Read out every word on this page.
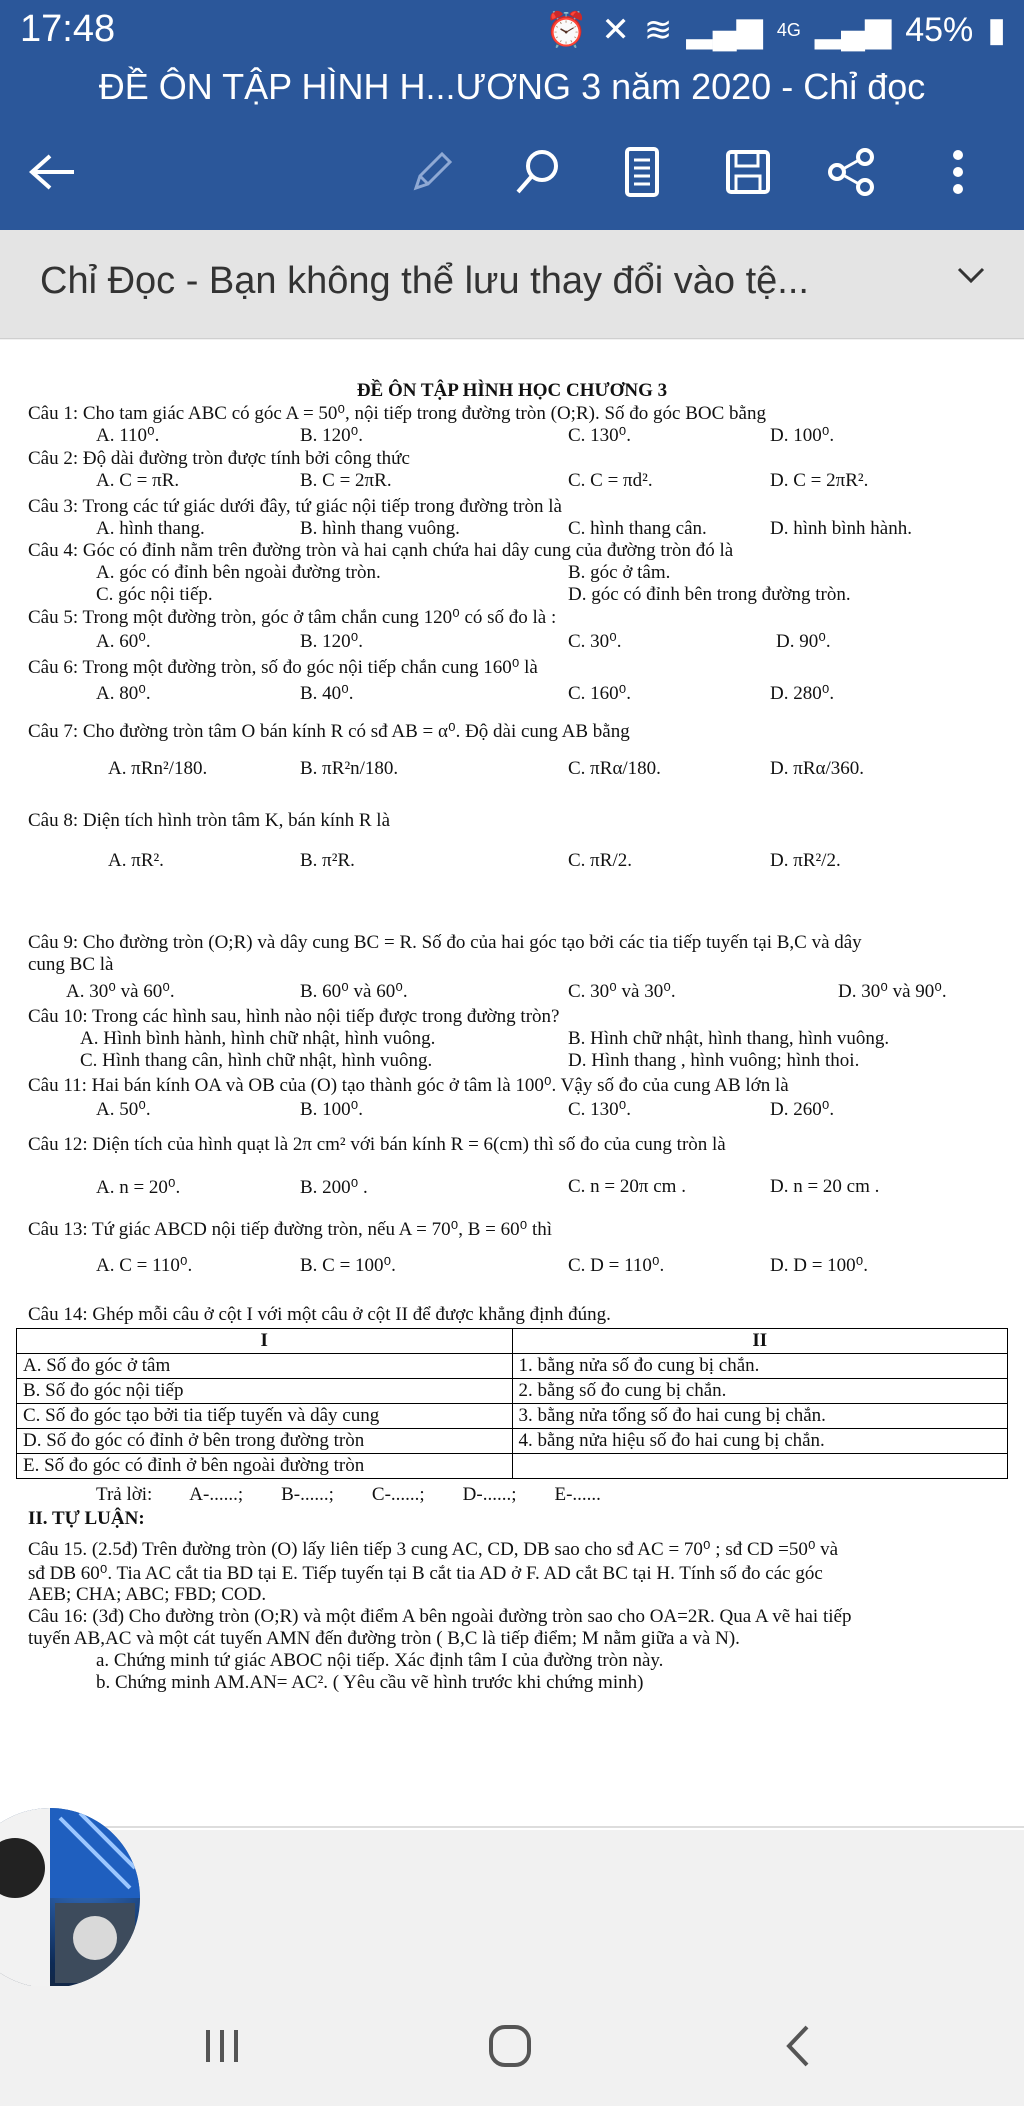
17:48	⏰ ✕ ≋ ▂▄▆ 4G ▂▄▆ 45% ▮
ĐỀ ÔN TẬP HÌNH H...ƯƠNG 3 năm 2020 - Chỉ đọc
Chỉ Đọc - Bạn không thể lưu thay đổi vào tệ...
ĐỀ ÔN TẬP HÌNH HỌC CHƯƠNG 3
Câu 1: Cho tam giác ABC có góc A = 50⁰, nội tiếp trong đường tròn (O;R). Số đo góc BOC bằng
A. 110⁰.	B. 120⁰.	C. 130⁰.	D. 100⁰.
Câu 2: Độ dài đường tròn được tính bởi công thức
A. C = πR.	B. C = 2πR.	C. C = πd².	D. C = 2πR².
Câu 3: Trong các tứ giác dưới đây, tứ giác nội tiếp trong đường tròn là
A. hình thang.	B. hình thang vuông.	C. hình thang cân.	D. hình bình hành.
Câu 4: Góc có đỉnh nằm trên đường tròn và hai cạnh chứa hai dây cung của đường tròn đó là
A. góc có đỉnh bên ngoài đường tròn.	B. góc ở tâm.
C. góc nội tiếp.	D. góc có đỉnh bên trong đường tròn.
Câu 5: Trong một đường tròn, góc ở tâm chắn cung 120⁰ có số đo là :
A. 60⁰.	B. 120⁰.	C. 30⁰.	D. 90⁰.
Câu 6: Trong một đường tròn, số đo góc nội tiếp chắn cung 160⁰ là
A. 80⁰.	B. 40⁰.	C. 160⁰.	D. 280⁰.
Câu 7: Cho đường tròn tâm O bán kính R có sđ AB = α⁰. Độ dài cung AB bằng
A. πRn²/180.	B. πR²n/180.	C. πRα/180.	D. πRα/360.
Câu 8: Diện tích hình tròn tâm K, bán kính R là
A. πR².	B. π²R.	C. πR/2.	D. πR²/2.
Câu 9: Cho đường tròn (O;R) và dây cung BC = R. Số đo của hai góc tạo bởi các tia tiếp tuyến tại B,C và dây
cung BC là
A. 30⁰ và 60⁰.	B. 60⁰ và 60⁰.	C. 30⁰ và 30⁰.	D. 30⁰ và 90⁰.
Câu 10: Trong các hình sau, hình nào nội tiếp được trong đường tròn?
A. Hình bình hành, hình chữ nhật, hình vuông.	B. Hình chữ nhật, hình thang, hình vuông.
C. Hình thang cân, hình chữ nhật, hình vuông.	D. Hình thang , hình vuông; hình thoi.
Câu 11: Hai bán kính OA và OB của (O) tạo thành góc ở tâm là 100⁰. Vậy số đo của cung AB lớn là
A. 50⁰.	B. 100⁰.	C. 130⁰.	D. 260⁰.
Câu 12: Diện tích của hình quạt là 2π cm² với bán kính R = 6(cm) thì số đo của cung tròn là
A. n = 20⁰.	B. 200⁰ .	C. n = 20π cm .	D. n = 20 cm .
Câu 13: Tứ giác ABCD nội tiếp đường tròn, nếu A = 70⁰, B = 60⁰ thì
A. C = 110⁰.	B. C = 100⁰.	C. D = 110⁰.	D. D = 100⁰.
Câu 14: Ghép mỗi câu ở cột I với một câu ở cột II để được khẳng định đúng.
I	II
A. Số đo góc ở tâm	1. bằng nửa số đo cung bị chắn.
B. Số đo góc nội tiếp	2. bằng số đo cung bị chắn.
C. Số đo góc tạo bởi tia tiếp tuyến và dây cung	3. bằng nửa tổng số đo hai cung bị chắn.
D. Số đo góc có đỉnh ở bên trong đường tròn	4. bằng nửa hiệu số đo hai cung bị chắn.
E. Số đo góc có đỉnh ở bên ngoài đường tròn	
Trả lời:        A-......;        B-......;        C-......;        D-......;        E-......
II. TỰ LUẬN:
Câu 15. (2.5đ) Trên đường tròn (O) lấy liên tiếp 3 cung AC, CD, DB sao cho sđ AC = 70⁰ ; sđ CD =50⁰ và
sđ DB 60⁰. Tia AC cắt tia BD tại E. Tiếp tuyến tại B cắt tia AD ở F. AD cắt BC tại H. Tính số đo các góc
AEB; CHA; ABC; FBD; COD.
Câu 16: (3đ) Cho đường tròn (O;R) và một điểm A bên ngoài đường tròn sao cho OA=2R. Qua A vẽ hai tiếp
tuyến AB,AC và một cát tuyến AMN đến đường tròn ( B,C là tiếp điểm; M nằm giữa a và N).
a. Chứng minh tứ giác ABOC nội tiếp. Xác định tâm I của đường tròn này.
b. Chứng minh AM.AN= AC². ( Yêu cầu vẽ hình trước khi chứng minh)
